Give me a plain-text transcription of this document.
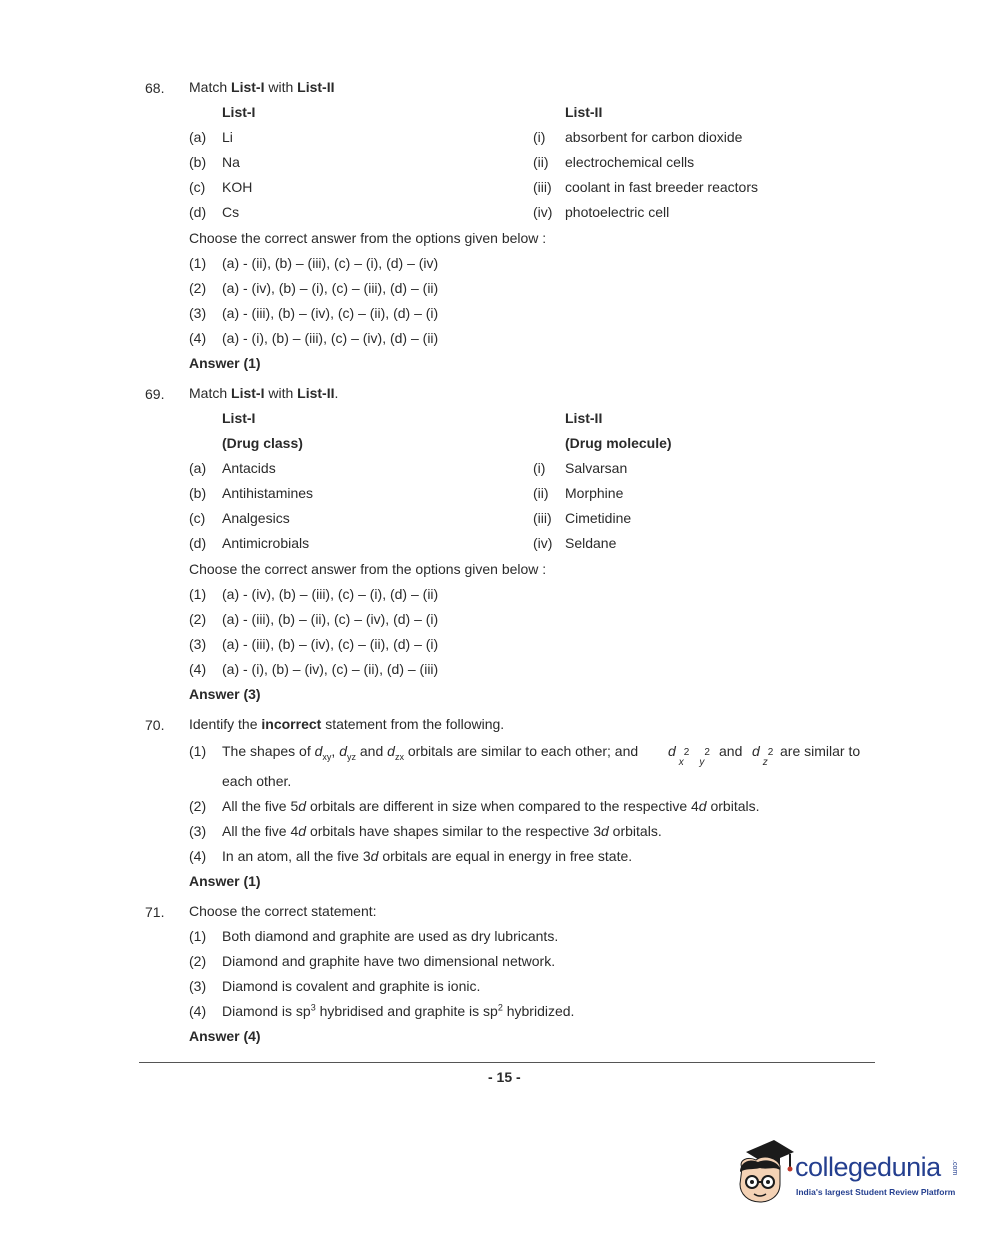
68. Match List-I with List-II
List-I	List-II
(a) Li	(i) absorbent for carbon dioxide
(b) Na	(ii) electrochemical cells
(c) KOH	(iii) coolant in fast breeder reactors
(d) Cs	(iv) photoelectric cell
Choose the correct answer from the options given below :
(1) (a) - (ii), (b) – (iii), (c) – (i), (d) – (iv)
(2) (a) - (iv), (b) – (i), (c) – (iii), (d) – (ii)
(3) (a) - (iii), (b) – (iv), (c) – (ii), (d) – (i)
(4) (a) - (i), (b) – (iii), (c) – (iv), (d) – (ii)
Answer (1)
69. Match List-I with List-II.
List-I	List-II
(Drug class)	(Drug molecule)
(a) Antacids	(i) Salvarsan
(b) Antihistamines	(ii) Morphine
(c) Analgesics	(iii) Cimetidine
(d) Antimicrobials	(iv) Seldane
Choose the correct answer from the options given below :
(1) (a) - (iv), (b) – (iii), (c) – (i), (d) – (ii)
(2) (a) - (iii), (b) – (ii), (c) – (iv), (d) – (i)
(3) (a) - (iii), (b) – (iv), (c) – (ii), (d) – (i)
(4) (a) - (i), (b) – (iv), (c) – (ii), (d) – (iii)
Answer (3)
70. Identify the incorrect statement from the following.
(1) The shapes of $d_{xy}$, $d_{yz}$ and $d_{zx}$ orbitals are similar to each other; and $d_x2_y2$ and $d_z2$ are similar to
each other.
(2) All the five 5d orbitals are different in size when compared to the respective 4d orbitals.
(3) All the five 4d orbitals have shapes similar to the respective 3d orbitals.
(4) In an atom, all the five 3d orbitals are equal in energy in free state.
Answer (1)
71. Choose the correct statement:
(1) Both diamond and graphite are used as dry lubricants.
(2) Diamond and graphite have two dimensional network.
(3) Diamond is covalent and graphite is ionic.
(4) Diamond is $sp^3$ hybridised and graphite is $sp^2$ hybridized.
Answer (4)
- 15 -
collegedunia .com
India's largest Student Review Platform
